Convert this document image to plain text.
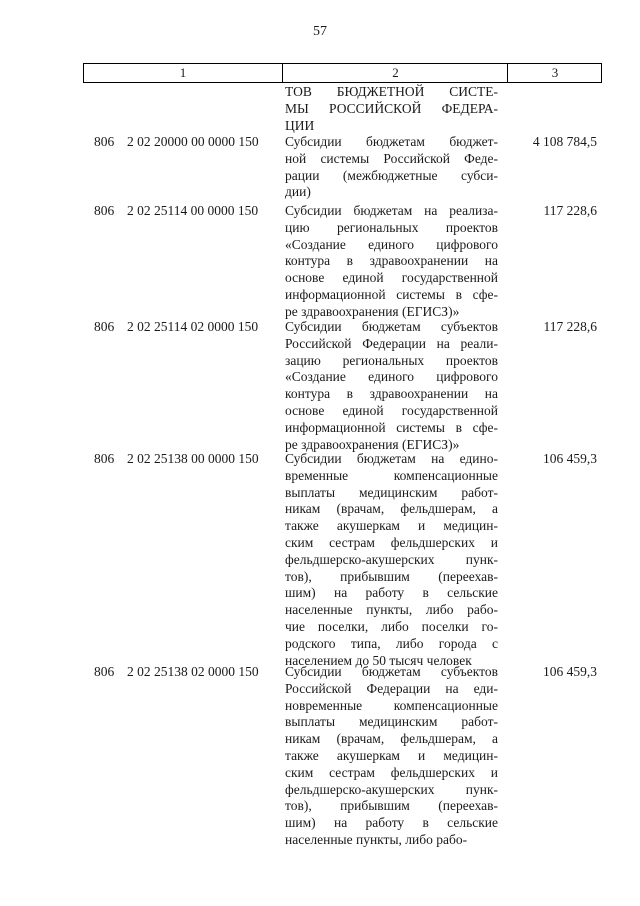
57
1	2	3
ТОВ БЮДЖЕТНОЙ СИСТЕ-
МЫ РОССИЙСКОЙ ФЕДЕРА-
ЦИИ
806 2 02 20000 00 0000 150 Субсидии бюджетам бюджет-
ной системы Российской Феде-
рации (межбюджетные субси-
дии)
4 108 784,5
806 2 02 25114 00 0000 150 Субсидии бюджетам на реализа-
цию региональных проектов
«Создание единого цифрового
контура в здравоохранении на
основе единой государственной
информационной системы в сфе-
ре здравоохранения (ЕГИСЗ)»
117 228,6
806 2 02 25114 02 0000 150 Субсидии бюджетам субъектов
Российской Федерации на реали-
зацию региональных проектов
«Создание единого цифрового
контура в здравоохранении на
основе единой государственной
информационной системы в сфе-
ре здравоохранения (ЕГИСЗ)»
117 228,6
806 2 02 25138 00 0000 150 Субсидии бюджетам на едино-
временные компенсационные
выплаты медицинским работ-
никам (врачам, фельдшерам, а
также акушеркам и медицин-
ским сестрам фельдшерских и
фельдшерско-акушерских пунк-
тов), прибывшим (переехав-
шим) на работу в сельские
населенные пункты, либо рабо-
чие поселки, либо поселки го-
родского типа, либо города с
населением до 50 тысяч человек
106 459,3
806 2 02 25138 02 0000 150 Субсидии бюджетам субъектов
Российской Федерации на еди-
новременные компенсационные
выплаты медицинским работ-
никам (врачам, фельдшерам, а
также акушеркам и медицин-
ским сестрам фельдшерских и
фельдшерско-акушерских пунк-
тов), прибывшим (переехав-
шим) на работу в сельские
населенные пункты, либо рабо-
106 459,3
